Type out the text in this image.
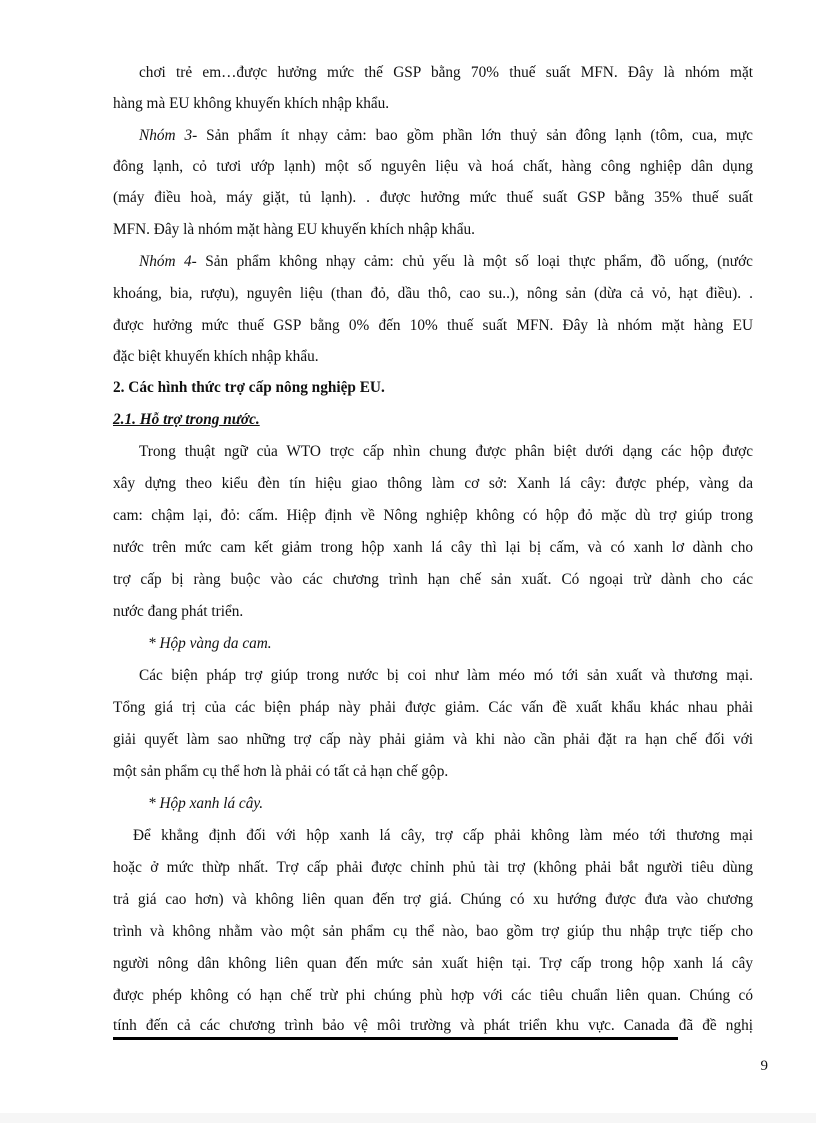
chơi trẻ em…được hưởng mức thế GSP bằng 70% thuế suất MFN. Đây là nhóm mặt
hàng mà EU không khuyến khích nhập khẩu.
Nhóm 3- Sản phẩm ít nhạy cảm: bao gồm phần lớn thuỷ sản đông lạnh (tôm, cua, mực
đông lạnh, cỏ tươi ướp lạnh) một số nguyên liệu và hoá chất, hàng công nghiệp dân dụng
(máy điều hoà, máy giặt, tủ lạnh). . được hưởng mức thuế suất GSP bằng 35% thuế suất
MFN. Đây là nhóm mặt hàng EU khuyến khích nhập khẩu.
Nhóm 4- Sản phẩm không nhạy cảm: chủ yếu là một số loại thực phẩm, đồ uống, (nước
khoáng, bia, rượu), nguyên liệu (than đỏ, dầu thô, cao su..), nông sản (dừa cả vỏ, hạt điều). .
được hưởng mức thuế GSP bằng 0% đến 10% thuế suất MFN. Đây là nhóm mặt hàng EU
đặc biệt khuyến khích nhập khẩu.
2. Các hình thức trợ cấp nông nghiệp EU.
2.1. Hỗ trợ trong nước.
Trong thuật ngữ của WTO trợc cấp nhìn chung được phân biệt dưới dạng các hộp được
xây dựng theo kiểu đèn tín hiệu giao thông làm cơ sở: Xanh lá cây: được phép, vàng da
cam: chậm lại, đỏ: cấm. Hiệp định về Nông nghiệp không có hộp đỏ mặc dù trợ giúp trong
nước trên mức cam kết giảm trong hộp xanh lá cây thì lại bị cấm, và có xanh lơ dành cho
trợ cấp bị ràng buộc vào các chương trình hạn chế sản xuất. Có ngoại trừ dành cho các
nước đang phát triển.
* Hộp vàng da cam.
Các biện pháp trợ giúp trong nước bị coi như làm méo mó tới sản xuất và thương mại.
Tổng giá trị của các biện pháp này phải được giảm. Các vấn đề xuất khẩu khác nhau phải
giải quyết làm sao những trợ cấp này phải giảm và khi nào cần phải đặt ra hạn chế đối với
một sản phẩm cụ thể hơn là phải có tất cả hạn chế gộp.
* Hộp xanh lá cây.
Để khẳng định đối với hộp xanh lá cây, trợ cấp phải không làm méo tới thương mại
hoặc ở mức thừp nhất. Trợ cấp phải được chỉnh phủ tài trợ (không phải bắt người tiêu dùng
trả giá cao hơn) và không liên quan đến trợ giá. Chúng có xu hướng được đưa vào chương
trình và không nhằm vào một sản phẩm cụ thể nào, bao gồm trợ giúp thu nhập trực tiếp cho
người nông dân không liên quan đến mức sản xuất hiện tại. Trợ cấp trong hộp xanh lá cây
được phép không có hạn chế trừ phi chúng phù hợp với các tiêu chuẩn liên quan. Chúng có
tính đến cả các chương trình bảo vệ môi trường và phát triển khu vực. Canada đã đề nghị
9
